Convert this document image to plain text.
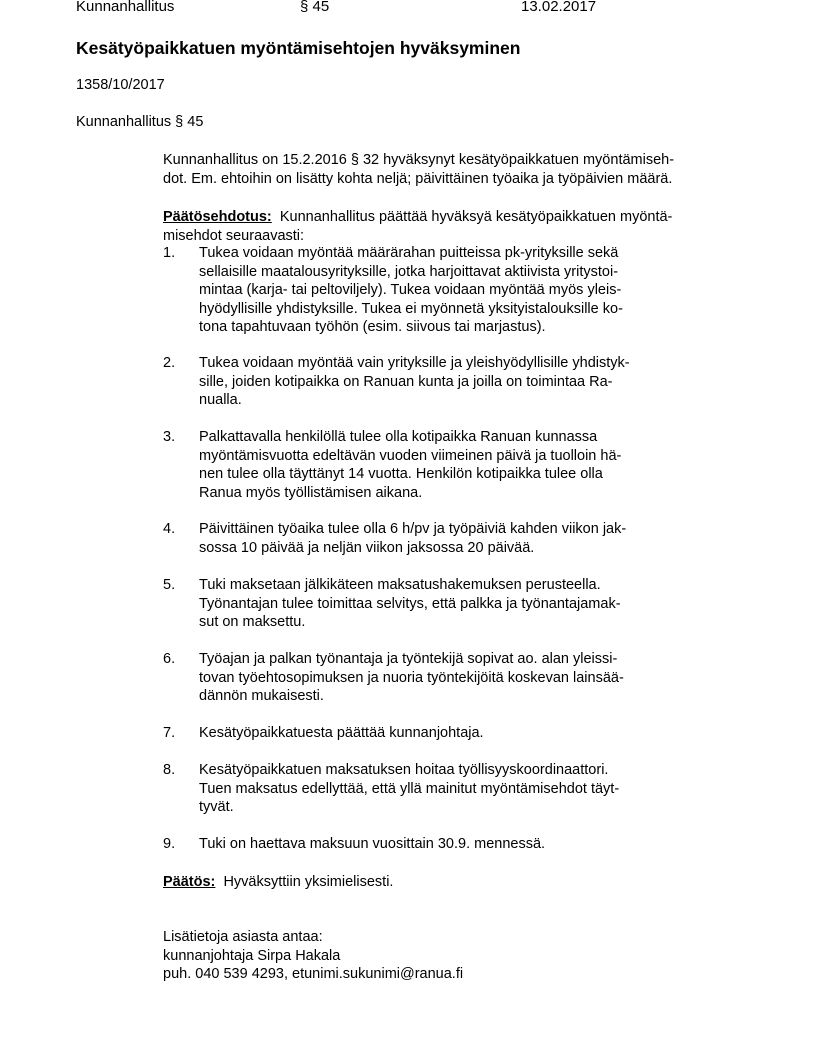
Kunnanhallitus	§ 45	13.02.2017
Kesätyöpaikkatuen myöntämisehtojen hyväksyminen
1358/10/2017
Kunnanhallitus § 45
Kunnanhallitus on 15.2.2016 § 32 hyväksynyt kesätyöpaikkatuen myöntämiseh-
dot. Em. ehtoihin on lisätty kohta neljä; päivittäinen työaika ja työpäivien määrä.
Päätösehdotus: Kunnanhallitus päättää hyväksyä kesätyöpaikkatuen myöntä-
misehdot seuraavasti:
1. Tukea voidaan myöntää määrärahan puitteissa pk-yrityksille sekä
sellaisille maatalousyrityksille, jotka harjoittavat aktiivista yritystoi-
mintaa (karja- tai peltoviljely). Tukea voidaan myöntää myös yleis-
hyödyllisille yhdistyksille. Tukea ei myönnetä yksityistalouksille ko-
tona tapahtuvaan työhön (esim. siivous tai marjastus).
2. Tukea voidaan myöntää vain yrityksille ja yleishyödyllisille yhdistyk-
sille, joiden kotipaikka on Ranuan kunta ja joilla on toimintaa Ra-
nualla.
3. Palkattavalla henkilöllä tulee olla kotipaikka Ranuan kunnassa
myöntämisvuotta edeltävän vuoden viimeinen päivä ja tuolloin hä-
nen tulee olla täyttänyt 14 vuotta. Henkilön kotipaikka tulee olla
Ranua myös työllistämisen aikana.
4. Päivittäinen työaika tulee olla 6 h/pv ja työpäiviä kahden viikon jak-
sossa 10 päivää ja neljän viikon jaksossa 20 päivää.
5. Tuki maksetaan jälkikäteen maksatushakemuksen perusteella.
Työnantajan tulee toimittaa selvitys, että palkka ja työnantajamak-
sut on maksettu.
6. Työajan ja palkan työnantaja ja työntekijä sopivat ao. alan yleissi-
tovan työehtosopimuksen ja nuoria työntekijöitä koskevan lainsää-
dännön mukaisesti.
7. Kesätyöpaikkatuesta päättää kunnanjohtaja.
8. Kesätyöpaikkatuen maksatuksen hoitaa työllisyyskoordinaattori.
Tuen maksatus edellyttää, että yllä mainitut myöntämisehdot täyt-
tyvät.
9. Tuki on haettava maksuun vuosittain 30.9. mennessä.
Päätös: Hyväksyttiin yksimielisesti.
Lisätietoja asiasta antaa:
kunnanjohtaja Sirpa Hakala
puh. 040 539 4293, etunimi.sukunimi@ranua.fi
